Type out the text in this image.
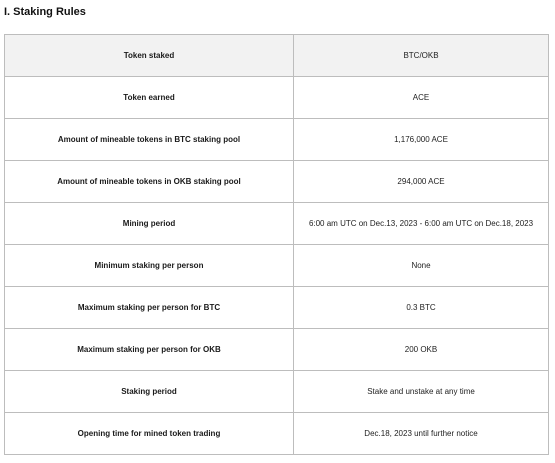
I. Staking Rules
Token staked	BTC/OKB
Token earned	ACE
Amount of mineable tokens in BTC staking pool	1,176,000 ACE
Amount of mineable tokens in OKB staking pool	294,000 ACE
Mining period	6:00 am UTC on Dec.13, 2023 - 6:00 am UTC on Dec.18, 2023
Minimum staking per person	None
Maximum staking per person for BTC	0.3 BTC
Maximum staking per person for OKB	200 OKB
Staking period	Stake and unstake at any time
Opening time for mined token trading	Dec.18, 2023 until further notice
